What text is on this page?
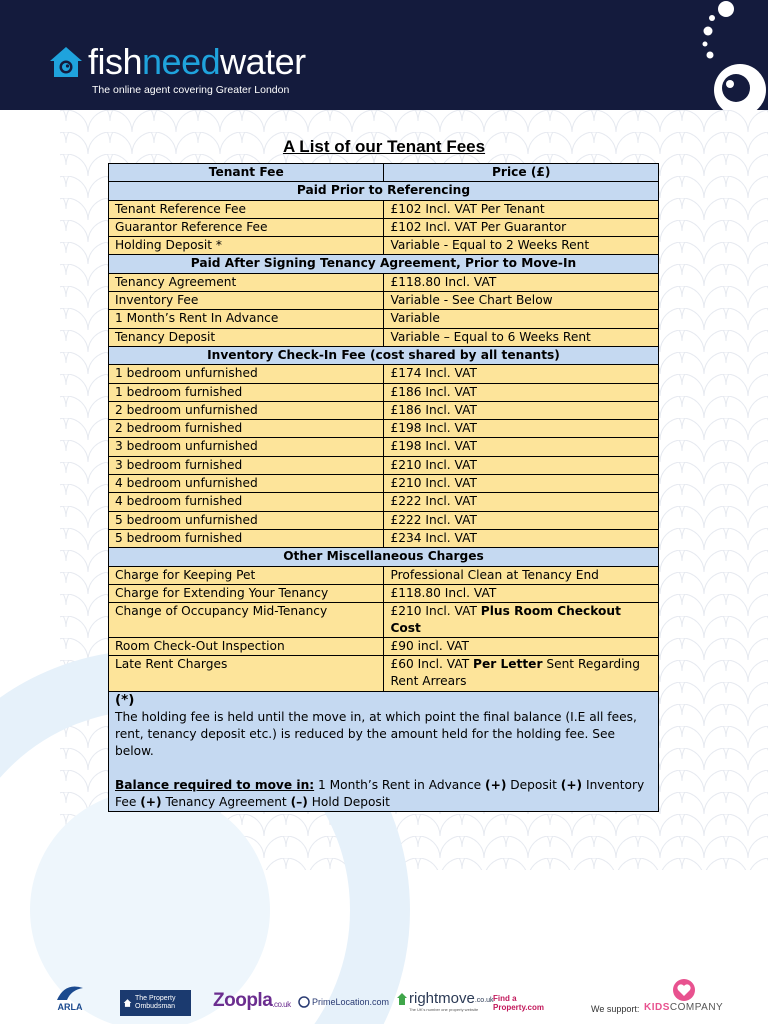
fishneedwater
The online agent covering Greater London
A List of our Tenant Fees
Tenant Fee	Price (£)
Paid Prior to Referencing	
Tenant Reference Fee	£102 Incl. VAT Per Tenant
Guarantor Reference Fee	£102 Incl. VAT Per Guarantor
Holding Deposit *	Variable - Equal to 2 Weeks Rent
Paid After Signing Tenancy Agreement, Prior to Move-In	
Tenancy Agreement	£118.80 Incl. VAT
Inventory Fee	Variable - See Chart Below
1 Month’s Rent In Advance	Variable
Tenancy Deposit	Variable – Equal to 6 Weeks Rent
Inventory Check-In Fee (cost shared by all tenants)	
1 bedroom unfurnished	£174 Incl. VAT
1 bedroom furnished	£186 Incl. VAT
2 bedroom unfurnished	£186 Incl. VAT
2 bedroom furnished	£198 Incl. VAT
3 bedroom unfurnished	£198 Incl. VAT
3 bedroom furnished	£210 Incl. VAT
4 bedroom unfurnished	£210 Incl. VAT
4 bedroom furnished	£222 Incl. VAT
5 bedroom unfurnished	£222 Incl. VAT
5 bedroom furnished	£234 Incl. VAT
Other Miscellaneous Charges	
Charge for Keeping Pet	Professional Clean at Tenancy End
Charge for Extending Your Tenancy	£118.80 Incl. VAT
Change of Occupancy Mid-Tenancy	£210 Incl. VAT Plus Room Checkout Cost
Room Check-Out Inspection	£90 incl. VAT
Late Rent Charges	£60 Incl. VAT Per Letter Sent Regarding Rent Arrears

(*)
The holding fee is held until the move in, at which point the final balance (I.E all fees, rent, tenancy deposit etc.) is reduced by the amount held for the holding fee. See below.
Balance required to move in: 1 Month’s Rent in Advance (+) Deposit (+) Inventory Fee (+) Tenancy Agreement (–) Hold Deposit	
ARLA
The Property Ombudsman	Zoopla .co.uk PrimeLocation.com rightmove .co.uk
The UK's number one property website
Find a
Property.com	We support: KIDSCOMPANY
